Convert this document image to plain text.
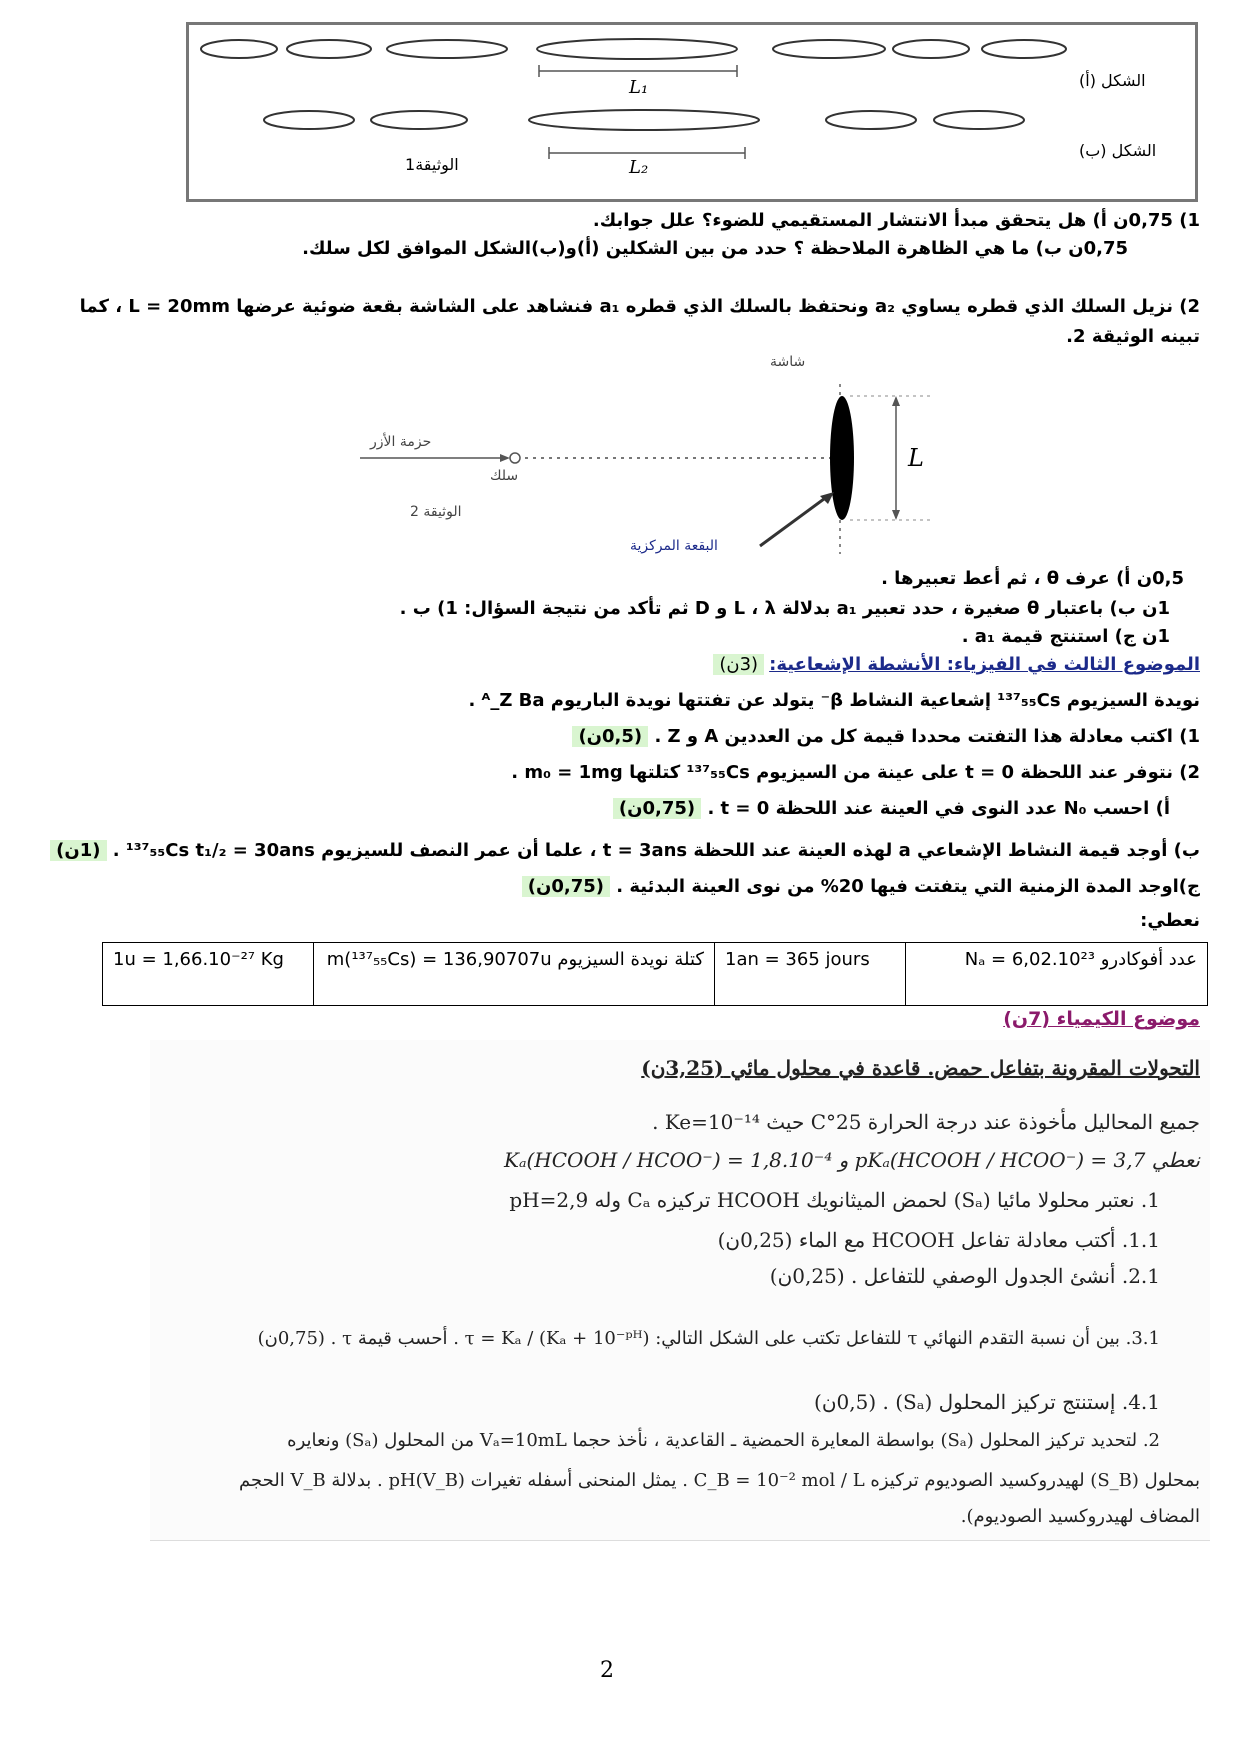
L₁
L₂
الشكل (أ)
الشكل (ب)
الوثيقة1
1) 0,75ن أ) هل يتحقق مبدأ الانتشار المستقيمي للضوء؟ علل جوابك.
0,75ن ب) ما هي الظاهرة الملاحظة ؟ حدد من بين الشكلين (أ)و(ب)الشكل الموافق لكل سلك.
2) نزيل السلك الذي قطره يساوي a₂ ونحتفظ بالسلك الذي قطره a₁ فنشاهد على الشاشة بقعة ضوئية عرضها L = 20mm ، كما
تبينه الوثيقة 2.
شاشة
حزمة الأزر
سلك
الوثيقة 2
L
البقعة المركزية
0,5ن أ) عرف θ ، ثم أعط تعبيرها .
1ن ب) باعتبار θ صغيرة ، حدد تعبير a₁ بدلالة L ، λ و D ثم تأكد من نتيجة السؤال: 1) ب .
1ن ج) استنتج قيمة a₁ .
الموضوع الثالث في الفيزياء: الأنشطة الإشعاعية: (3ن)
نويدة السيزيوم ¹³⁷₅₅Cs إشعاعية النشاط β⁻ يتولد عن تفتتها نويدة الباريوم ᴬ_Z Ba .
1) اكتب معادلة هذا التفتت محددا قيمة كل من العددين A و Z . (0,5ن)
2) نتوفر عند اللحظة t = 0 على عينة من السيزيوم ¹³⁷₅₅Cs كتلتها m₀ = 1mg .
أ) احسب N₀ عدد النوى في العينة عند اللحظة t = 0 . (0,75ن)
ب) أوجد قيمة النشاط الإشعاعي a لهذه العينة عند اللحظة t = 3ans ، علما أن عمر النصف للسيزيوم ¹³⁷₅₅Cs t₁/₂ = 30ans . (1ن)
ج)اوجد المدة الزمنية التي يتفتت فيها 20% من نوى العينة البدئية . (0,75ن)
نعطي:
1u = 1,66.10⁻²⁷ Kg	كتلة نويدة السيزيوم m(¹³⁷₅₅Cs) = 136,90707u	1an = 365 jours	عدد أفوكادرو Nₐ = 6,02.10²³
موضوع الكيمياء (7ن)
التحولات المقرونة بتفاعل حمض. قاعدة في محلول مائي (3,25ن)
جميع المحاليل مأخوذة عند درجة الحرارة 25°C حيث Ke=10⁻¹⁴ .
نعطي pKₐ(HCOOH / HCOO⁻) = 3,7 و Kₐ(HCOOH / HCOO⁻) = 1,8.10⁻⁴
1. نعتبر محلولا مائيا (Sₐ) لحمض الميثانويك HCOOH تركيزه Cₐ وله pH=2,9
1.1. أكتب معادلة تفاعل HCOOH مع الماء (0,25ن)
2.1. أنشئ الجدول الوصفي للتفاعل . (0,25ن)
3.1. بين أن نسبة التقدم النهائي τ للتفاعل تكتب على الشكل التالي: τ = Kₐ / (Kₐ + 10⁻ᵖᴴ) . أحسب قيمة τ . (0,75ن)
4.1. إستنتج تركيز المحلول (Sₐ) . (0,5ن)
2. لتحديد تركيز المحلول (Sₐ) بواسطة المعايرة الحمضية ـ القاعدية ، نأخذ حجما Vₐ=10mL من المحلول (Sₐ) ونعايره
بمحلول (S_B) لهيدروكسيد الصوديوم تركيزه C_B = 10⁻² mol / L . يمثل المنحنى أسفله تغيرات pH(V_B) . بدلالة V_B الحجم
المضاف لهيدروكسيد الصوديوم).
2
